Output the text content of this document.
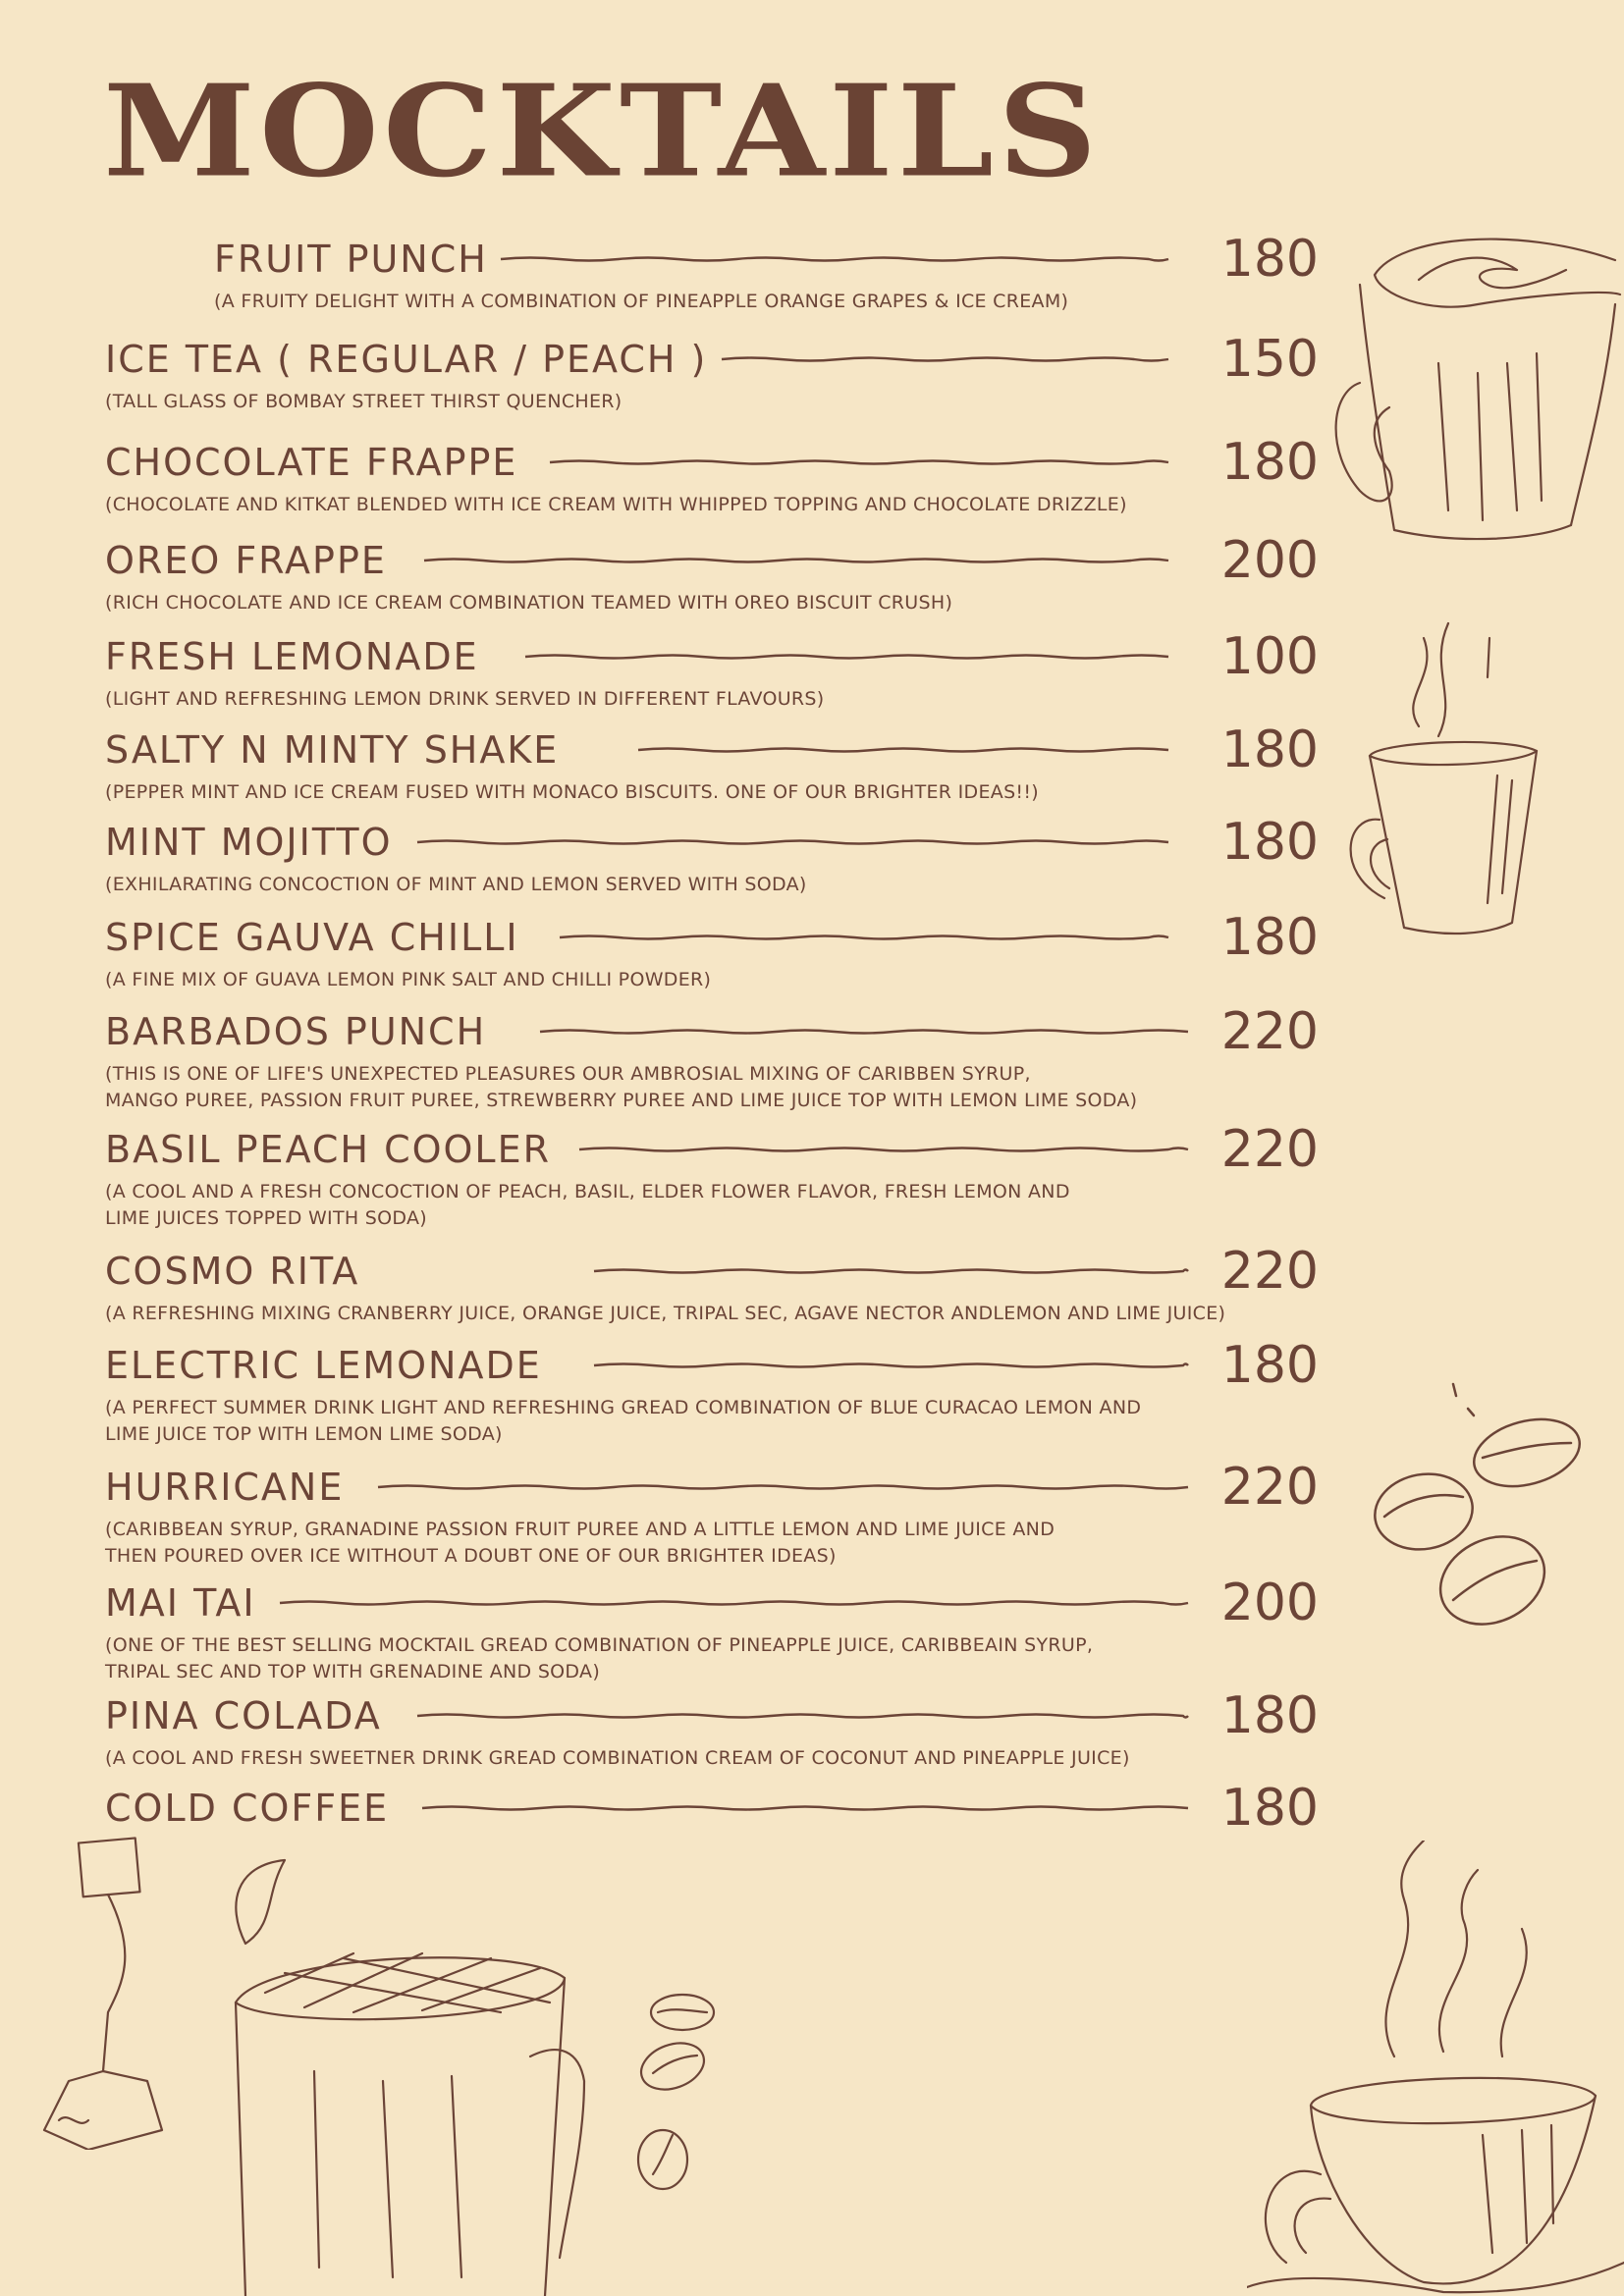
MOCKTAILS
FRUIT PUNCH	180
(A FRUITY DELIGHT WITH A COMBINATION OF PINEAPPLE ORANGE GRAPES & ICE CREAM)
ICE TEA ( REGULAR / PEACH )	150
(TALL GLASS OF BOMBAY STREET THIRST QUENCHER)
CHOCOLATE FRAPPE	180
(CHOCOLATE AND KITKAT BLENDED WITH ICE CREAM WITH WHIPPED TOPPING AND CHOCOLATE DRIZZLE)
OREO FRAPPE	200
(RICH CHOCOLATE AND ICE CREAM COMBINATION TEAMED WITH OREO BISCUIT CRUSH)
FRESH LEMONADE	100
(LIGHT AND REFRESHING LEMON DRINK SERVED IN DIFFERENT FLAVOURS)
SALTY N MINTY SHAKE	180
(PEPPER MINT AND ICE CREAM FUSED WITH MONACO BISCUITS. ONE OF OUR BRIGHTER IDEAS!!)
MINT MOJITTO	180
(EXHILARATING CONCOCTION OF MINT AND LEMON SERVED WITH SODA)
SPICE GAUVA CHILLI	180
(A FINE MIX OF GUAVA LEMON PINK SALT AND CHILLI POWDER)
BARBADOS PUNCH	220
(THIS IS ONE OF LIFE'S UNEXPECTED PLEASURES OUR AMBROSIAL MIXING OF CARIBBEN SYRUP,
MANGO PUREE, PASSION FRUIT PUREE, STREWBERRY PUREE AND LIME JUICE TOP WITH LEMON LIME SODA)
BASIL PEACH COOLER	220
(A COOL AND A FRESH CONCOCTION OF PEACH, BASIL, ELDER FLOWER FLAVOR, FRESH LEMON AND
LIME JUICES TOPPED WITH SODA)
COSMO RITA	220
(A REFRESHING MIXING CRANBERRY JUICE, ORANGE JUICE, TRIPAL SEC, AGAVE NECTOR ANDLEMON AND LIME JUICE)
ELECTRIC LEMONADE	180
(A PERFECT SUMMER DRINK LIGHT AND REFRESHING GREAD COMBINATION OF BLUE CURACAO LEMON AND
LIME JUICE TOP WITH LEMON LIME SODA)
HURRICANE	220
(CARIBBEAN SYRUP, GRANADINE PASSION FRUIT PUREE AND A LITTLE LEMON AND LIME JUICE AND
THEN POURED OVER ICE WITHOUT A DOUBT ONE OF OUR BRIGHTER IDEAS)
MAI TAI	200
(ONE OF THE BEST SELLING MOCKTAIL GREAD COMBINATION OF PINEAPPLE JUICE, CARIBBEAIN SYRUP,
TRIPAL SEC AND TOP WITH GRENADINE AND SODA)
PINA COLADA	180
(A COOL AND FRESH SWEETNER DRINK GREAD COMBINATION CREAM OF COCONUT AND PINEAPPLE JUICE)
COLD COFFEE	180
